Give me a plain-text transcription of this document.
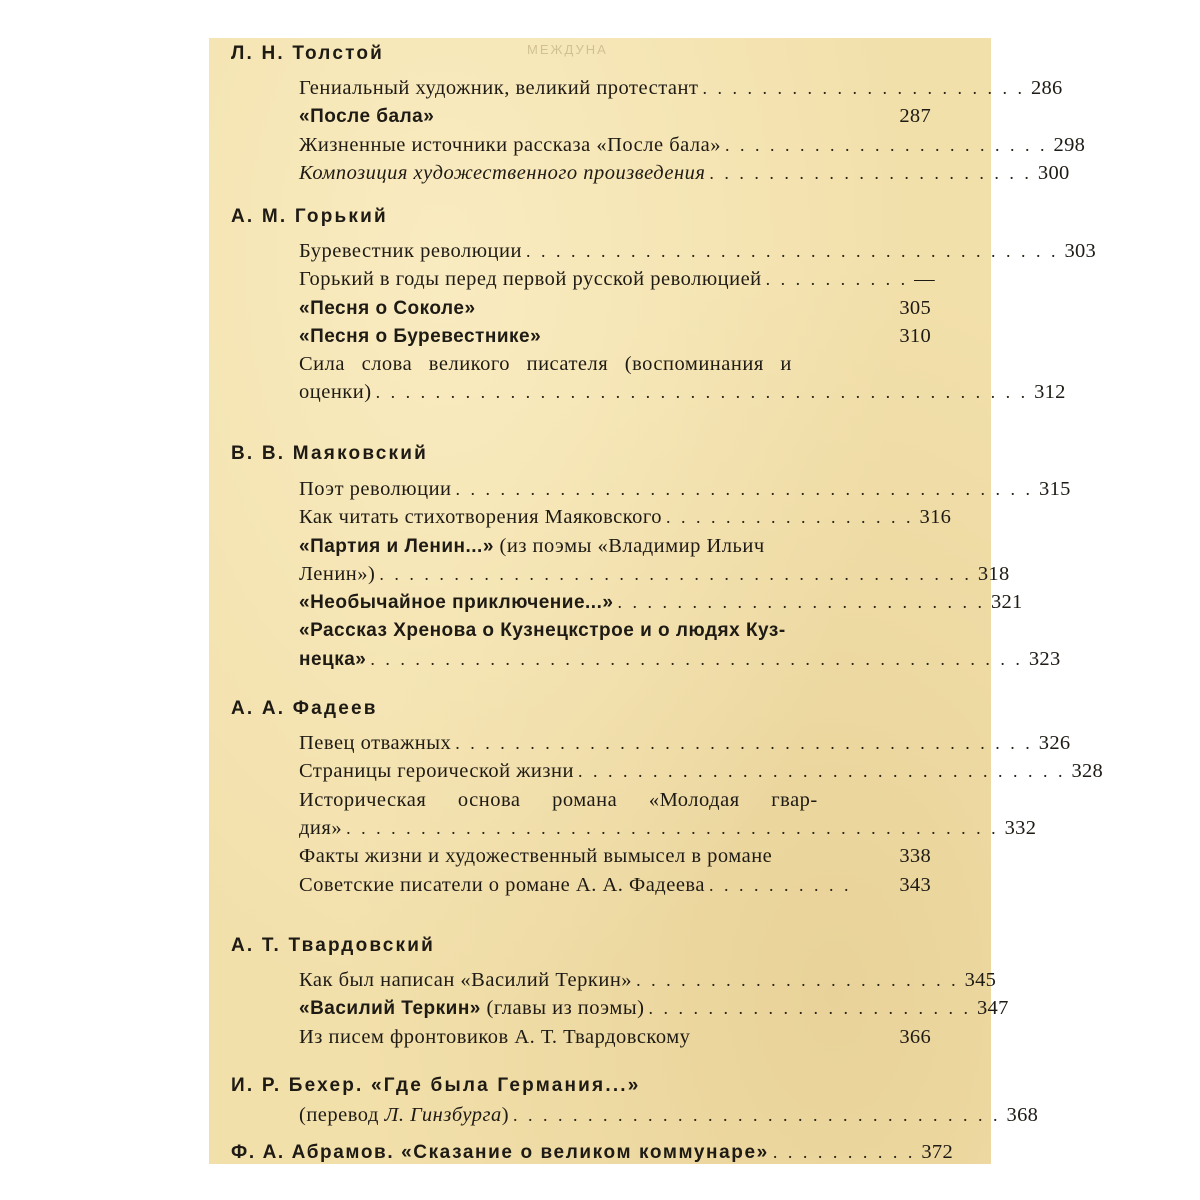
МЕЖДУНА
Л. Н. Толстой
Гениальный художник, великий протестант . . . . . . . . . . . . . . . . . . . . . . 286
«После бала»	287
Жизненные источники рассказа «После бала» . . . . . . . . . . . . . . . . . . . . . . 298
Композиция художественного произведения . . . . . . . . . . . . . . . . . . . . . . 300
А. М. Горький
Буревестник революции . . . . . . . . . . . . . . . . . . . . . . . . . . . . . . . . . . . . 303
Горький в годы перед первой русской революцией . . . . . . . . . . —
«Песня о Соколе»	305
«Песня о Буревестнике»	310
Сила слова великого писателя (воспоминания и
оценки) . . . . . . . . . . . . . . . . . . . . . . . . . . . . . . . . . . . . . . . . . . . . 312
В. В. Маяковский
Поэт революции . . . . . . . . . . . . . . . . . . . . . . . . . . . . . . . . . . . . . . . 315
Как читать стихотворения Маяковского . . . . . . . . . . . . . . . . . 316
«Партия и Ленин...» (из поэмы «Владимир Ильич
Ленин») . . . . . . . . . . . . . . . . . . . . . . . . . . . . . . . . . . . . . . . . 318
«Необычайное приключение...» . . . . . . . . . . . . . . . . . . . . . . . . . 321
«Рассказ Хренова о Кузнецкстрое и о людях Куз-
нецка» . . . . . . . . . . . . . . . . . . . . . . . . . . . . . . . . . . . . . . . . . . . . 323
А. А. Фадеев
Певец отважных . . . . . . . . . . . . . . . . . . . . . . . . . . . . . . . . . . . . . . . 326
Страницы героической жизни . . . . . . . . . . . . . . . . . . . . . . . . . . . . . . . . . 328
Историческая основа романа «Молодая гвар-
дия» . . . . . . . . . . . . . . . . . . . . . . . . . . . . . . . . . . . . . . . . . . . . 332
Факты жизни и художественный вымысел в романе	338
Советские писатели о романе А. А. Фадеева . . . . . . . . . .	343
А. Т. Твардовский
Как был написан «Василий Теркин» . . . . . . . . . . . . . . . . . . . . . . 345
«Василий Теркин» (главы из поэмы) . . . . . . . . . . . . . . . . . . . . . . 347
Из писем фронтовиков А. Т. Твардовскому	366
И. Р. Бехер. «Где была Германия...»
(перевод Л. Гинзбурга ) . . . . . . . . . . . . . . . . . . . . . . . . . . . . . . . . . 368
Ф. А. Абрамов. «Сказание о великом коммунаре» . . . . . . . . . . 372
